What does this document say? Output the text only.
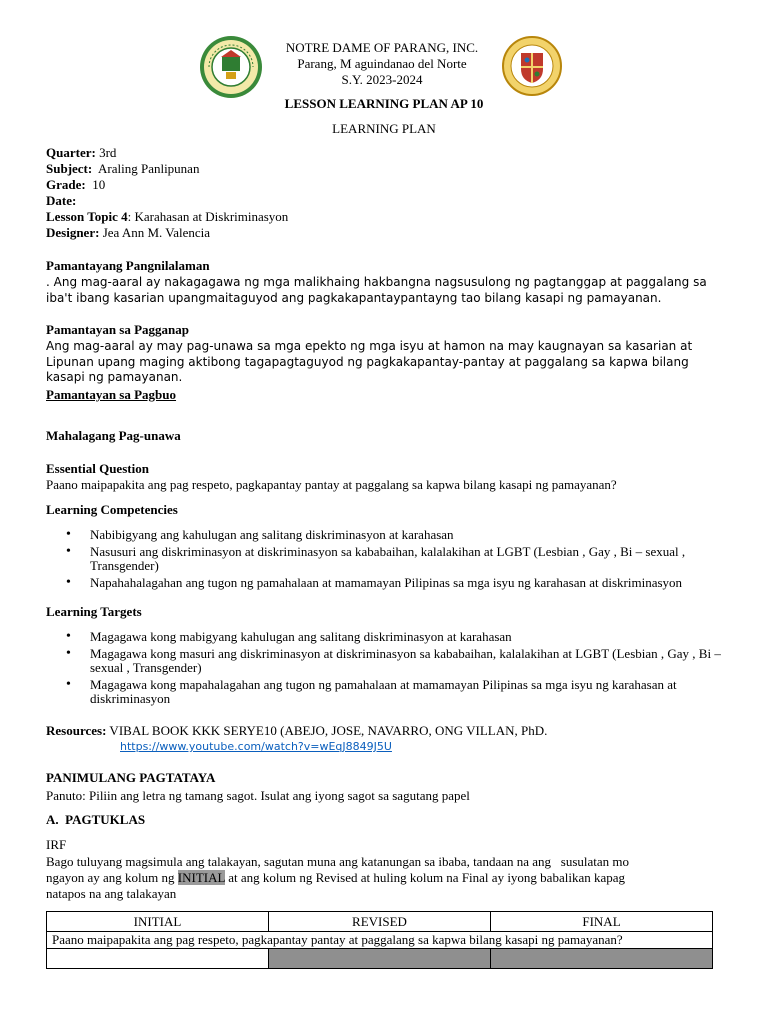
NOTRE DAME OF PARANG, INC.
Parang, M aguindanao del Norte
S.Y. 2023-2024
LESSON LEARNING PLAN AP 10
LEARNING PLAN
Quarter: 3rd
Subject:  Araling Panlipunan
Grade:  10
Date:
Lesson Topic 4: Karahasan at Diskriminasyon
Designer: Jea Ann M. Valencia
Pamantayang Pangnilalaman
. Ang mag-aaral ay nakagagawa ng mga malikhaing hakbangna nagsusulong ng pagtanggap at paggalang sa
iba't ibang kasarian upangmaitaguyod ang pagkakapantaypantayng tao bilang kasapi ng pamayanan.
Pamantayan sa Pagganap
Ang mag-aaral ay may pag-unawa sa mga epekto ng mga isyu at hamon na may kaugnayan sa kasarian at
Lipunan upang maging aktibong tagapagtaguyod ng pagkakapantay-pantay at paggalang sa kapwa bilang
kasapi ng pamayanan.
Pamantayan sa Pagbuo
Mahalagang Pag-unawa
Essential Question
Paano maipapakita ang pag respeto, pagkapantay pantay at paggalang sa kapwa bilang kasapi ng pamayanan?
Learning Competencies
• Nabibigyang ang kahulugan ang salitang diskriminasyon at karahasan
• Nasusuri ang diskriminasyon at diskriminasyon sa kababaihan, kalalakihan at LGBT (Lesbian , Gay , Bi – sexual , Transgender)
• Napahahalagahan ang tugon ng pamahalaan at mamamayan Pilipinas sa mga isyu ng karahasan at diskriminasyon
Learning Targets
• Magagawa kong mabigyang kahulugan ang salitang diskriminasyon at karahasan
• Magagawa kong masuri ang diskriminasyon at diskriminasyon sa kababaihan, kalalakihan at LGBT (Lesbian , Gay , Bi – sexual , Transgender)
• Magagawa kong mapahalagahan ang tugon ng pamahalaan at mamamayan Pilipinas sa mga isyu ng karahasan at diskriminasyon
Resources: VIBAL BOOK KKK SERYE10 (ABEJO, JOSE, NAVARRO, ONG VILLAN, PhD.
https://www.youtube.com/watch?v=wEqJ8849J5U
PANIMULANG PAGTATAYA
Panuto: Piliin ang letra ng tamang sagot. Isulat ang iyong sagot sa sagutang papel
A.  PAGTUKLAS
IRF
Bago tuluyang magsimula ang talakayan, sagutan muna ang katanungan sa ibaba, tandaan na ang   susulatan mo
ngayon ay ang kolum ng INITIAL at ang kolum ng Revised at huling kolum na Final ay iyong babalikan kapag
natapos na ang talakayan
INITIAL	REVISED	FINAL
Paano maipapakita ang pag respeto, pagkapantay pantay at paggalang sa kapwa bilang kasapi ng pamayanan?		
